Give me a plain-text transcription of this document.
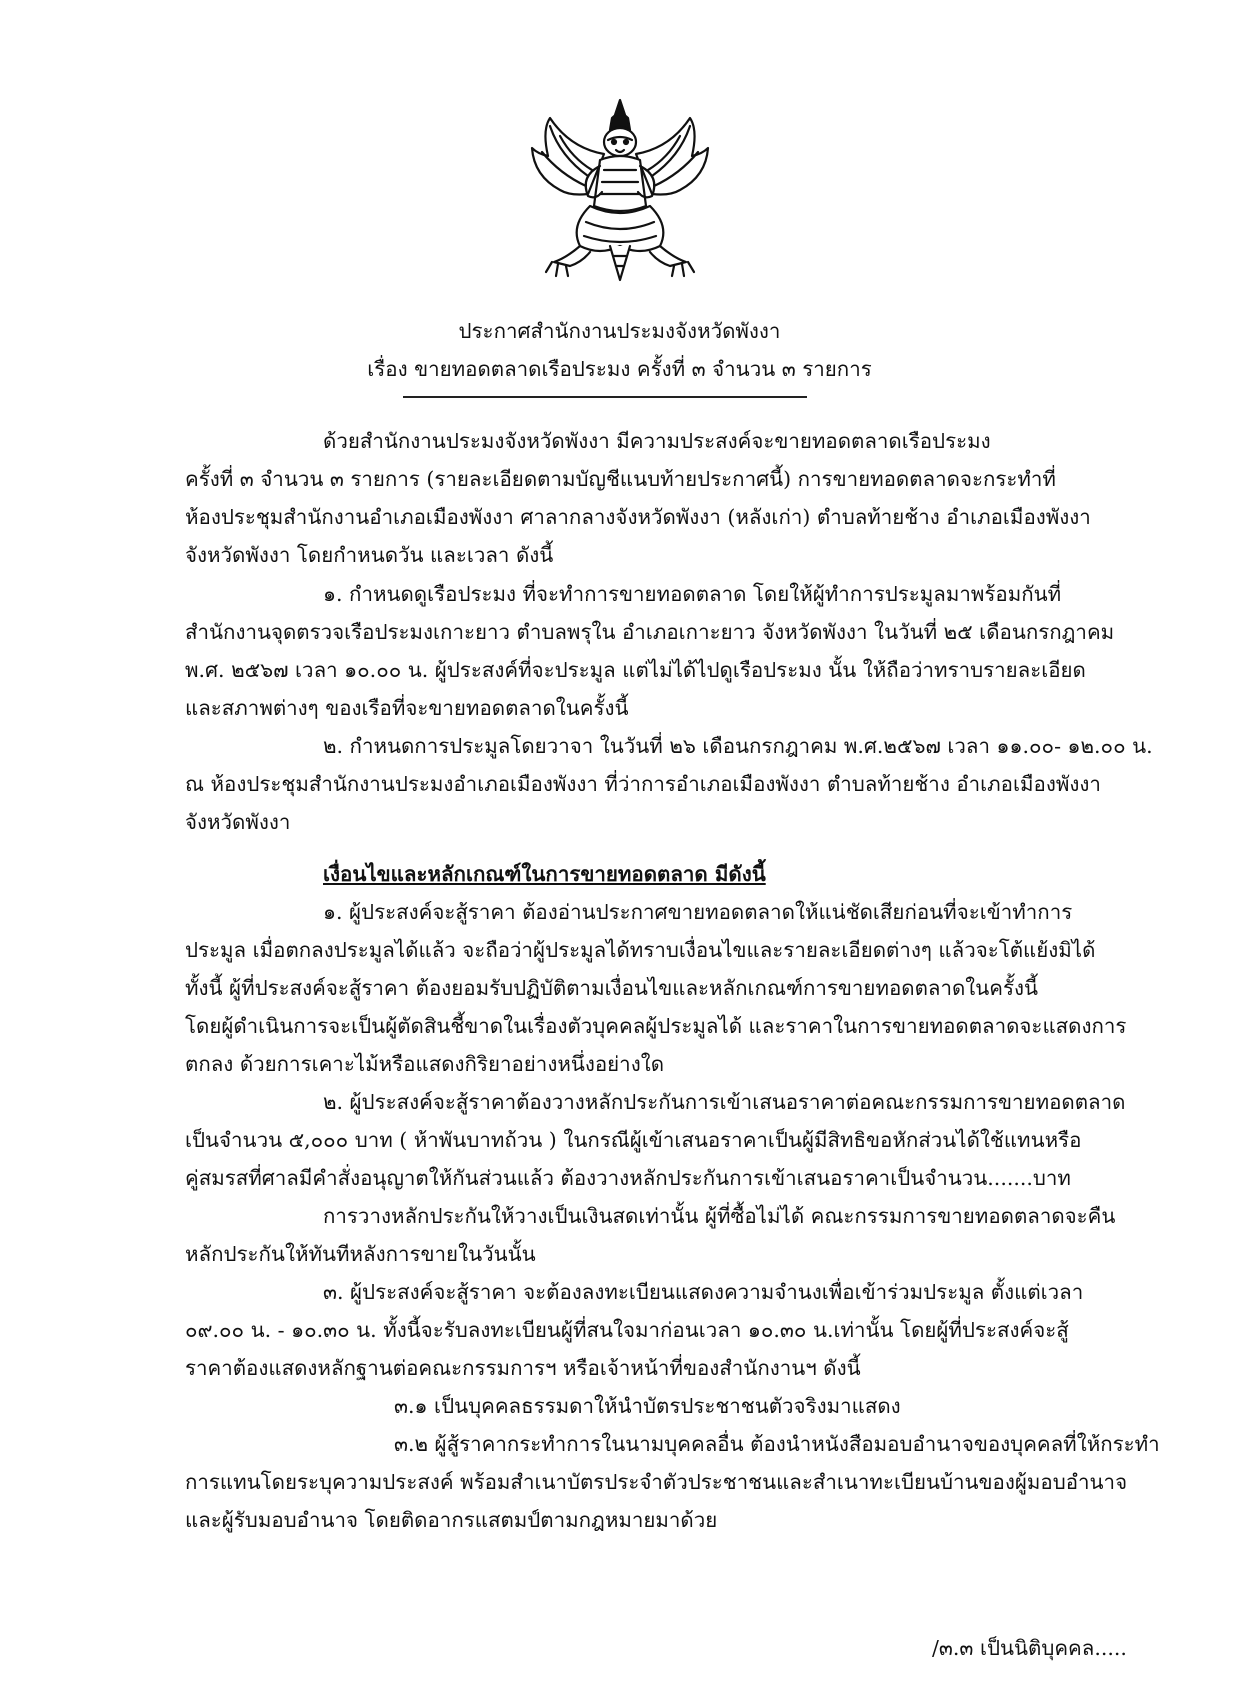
ประกาศสำนักงานประมงจังหวัดพังงา
เรื่อง ขายทอดตลาดเรือประมง ครั้งที่ ๓ จำนวน ๓ รายการ
ด้วยสำนักงานประมงจังหวัดพังงา มีความประสงค์จะขายทอดตลาดเรือประมง
ครั้งที่ ๓ จำนวน ๓ รายการ (รายละเอียดตามบัญชีแนบท้ายประกาศนี้) การขายทอดตลาดจะกระทำที่
ห้องประชุมสำนักงานอำเภอเมืองพังงา ศาลากลางจังหวัดพังงา (หลังเก่า) ตำบลท้ายช้าง อำเภอเมืองพังงา
จังหวัดพังงา โดยกำหนดวัน และเวลา ดังนี้
๑. กำหนดดูเรือประมง ที่จะทำการขายทอดตลาด โดยให้ผู้ทำการประมูลมาพร้อมกันที่
สำนักงานจุดตรวจเรือประมงเกาะยาว ตำบลพรุใน อำเภอเกาะยาว จังหวัดพังงา ในวันที่ ๒๕ เดือนกรกฎาคม
พ.ศ. ๒๕๖๗ เวลา ๑๐.๐๐ น. ผู้ประสงค์ที่จะประมูล แต่ไม่ได้ไปดูเรือประมง นั้น ให้ถือว่าทราบรายละเอียด
และสภาพต่างๆ ของเรือที่จะขายทอดตลาดในครั้งนี้
๒. กำหนดการประมูลโดยวาจา ในวันที่ ๒๖ เดือนกรกฎาคม พ.ศ.๒๕๖๗ เวลา ๑๑.๐๐- ๑๒.๐๐ น.
ณ ห้องประชุมสำนักงานประมงอำเภอเมืองพังงา ที่ว่าการอำเภอเมืองพังงา ตำบลท้ายช้าง อำเภอเมืองพังงา
จังหวัดพังงา
เงื่อนไขและหลักเกณฑ์ในการขายทอดตลาด มีดังนี้
๑. ผู้ประสงค์จะสู้ราคา ต้องอ่านประกาศขายทอดตลาดให้แน่ชัดเสียก่อนที่จะเข้าทำการ
ประมูล เมื่อตกลงประมูลได้แล้ว จะถือว่าผู้ประมูลได้ทราบเงื่อนไขและรายละเอียดต่างๆ แล้วจะโต้แย้งมิได้
ทั้งนี้ ผู้ที่ประสงค์จะสู้ราคา ต้องยอมรับปฏิบัติตามเงื่อนไขและหลักเกณฑ์การขายทอดตลาดในครั้งนี้
โดยผู้ดำเนินการจะเป็นผู้ตัดสินชี้ขาดในเรื่องตัวบุคคลผู้ประมูลได้ และราคาในการขายทอดตลาดจะแสดงการ
ตกลง ด้วยการเคาะไม้หรือแสดงกิริยาอย่างหนึ่งอย่างใด
๒. ผู้ประสงค์จะสู้ราคาต้องวางหลักประกันการเข้าเสนอราคาต่อคณะกรรมการขายทอดตลาด
เป็นจำนวน ๕,๐๐๐ บาท ( ห้าพันบาทถ้วน ) ในกรณีผู้เข้าเสนอราคาเป็นผู้มีสิทธิขอหักส่วนได้ใช้แทนหรือ
คู่สมรสที่ศาลมีคำสั่งอนุญาตให้กันส่วนแล้ว ต้องวางหลักประกันการเข้าเสนอราคาเป็นจำนวน.......บาท
การวางหลักประกันให้วางเป็นเงินสดเท่านั้น ผู้ที่ซื้อไม่ได้ คณะกรรมการขายทอดตลาดจะคืน
หลักประกันให้ทันทีหลังการขายในวันนั้น
๓. ผู้ประสงค์จะสู้ราคา จะต้องลงทะเบียนแสดงความจำนงเพื่อเข้าร่วมประมูล ตั้งแต่เวลา
๐๙.๐๐ น. - ๑๐.๓๐ น. ทั้งนี้จะรับลงทะเบียนผู้ที่สนใจมาก่อนเวลา ๑๐.๓๐ น.เท่านั้น โดยผู้ที่ประสงค์จะสู้
ราคาต้องแสดงหลักฐานต่อคณะกรรมการฯ หรือเจ้าหน้าที่ของสำนักงานฯ ดังนี้
๓.๑ เป็นบุคคลธรรมดาให้นำบัตรประชาชนตัวจริงมาแสดง
๓.๒ ผู้สู้ราคากระทำการในนามบุคคลอื่น ต้องนำหนังสือมอบอำนาจของบุคคลที่ให้กระทำ
การแทนโดยระบุความประสงค์ พร้อมสำเนาบัตรประจำตัวประชาชนและสำเนาทะเบียนบ้านของผู้มอบอำนาจ
และผู้รับมอบอำนาจ โดยติดอากรแสตมป์ตามกฎหมายมาด้วย
/๓.๓ เป็นนิติบุคคล.....
